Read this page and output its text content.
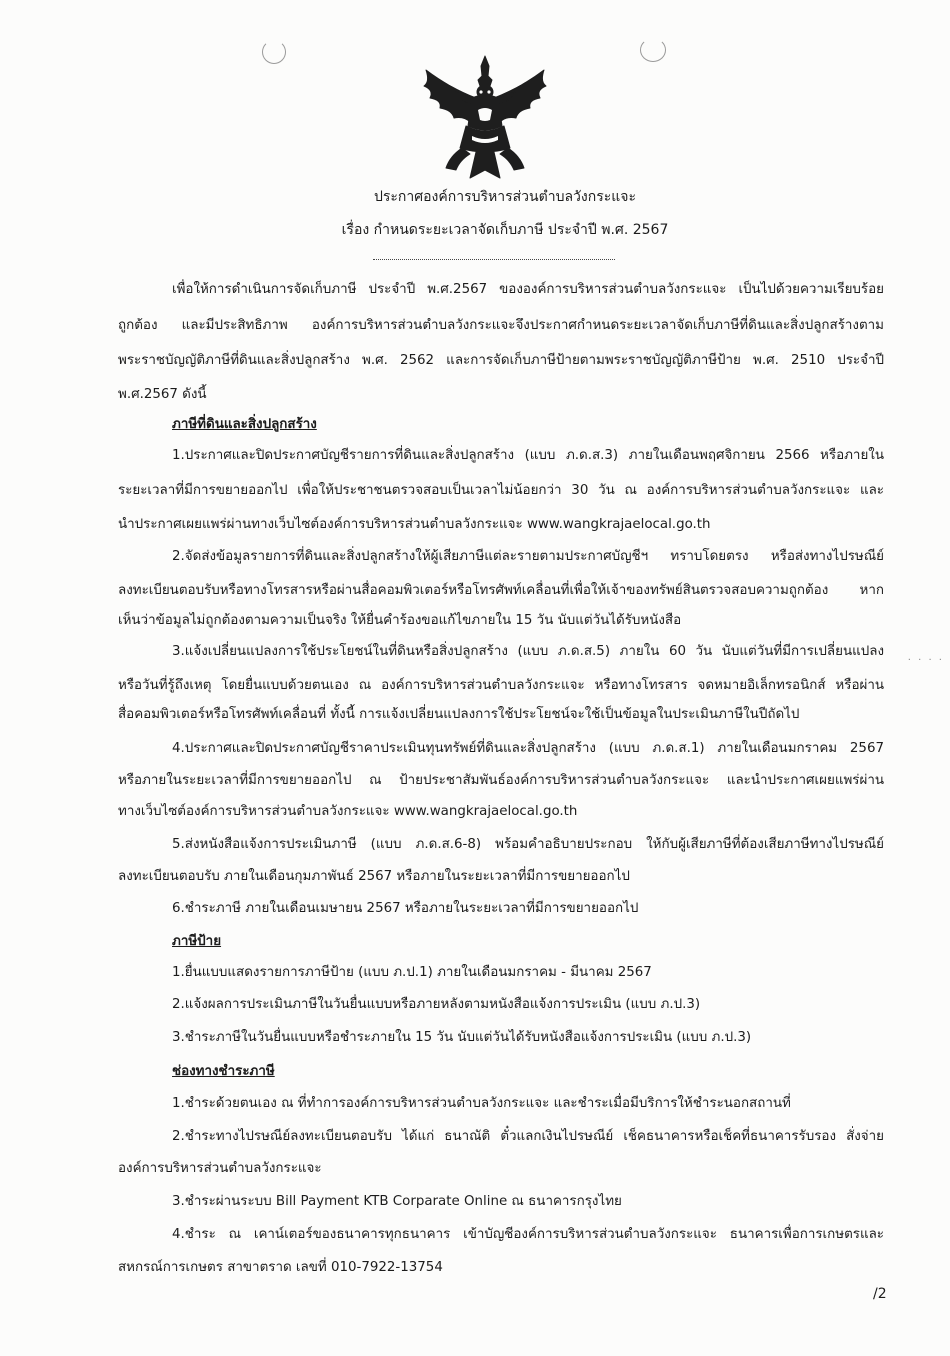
· · · ·
ประกาศองค์การบริหารส่วนตำบลวังกระแจะ
เรื่อง กำหนดระยะเวลาจัดเก็บภาษี ประจำปี พ.ศ. 2567
เพื่อให้การดำเนินการจัดเก็บภาษี ประจำปี พ.ศ.2567 ขององค์การบริหารส่วนตำบลวังกระแจะ เป็นไปด้วยความเรียบร้อย
ถูกต้อง และมีประสิทธิภาพ องค์การบริหารส่วนตำบลวังกระแจะจึงประกาศกำหนดระยะเวลาจัดเก็บภาษีที่ดินและสิ่งปลูกสร้างตาม
พระราชบัญญัติภาษีที่ดินและสิ่งปลูกสร้าง พ.ศ. 2562 และการจัดเก็บภาษีป้ายตามพระราชบัญญัติภาษีป้าย พ.ศ. 2510 ประจำปี
พ.ศ.2567 ดังนี้
ภาษีที่ดินและสิ่งปลูกสร้าง
1.ประกาศและปิดประกาศบัญชีรายการที่ดินและสิ่งปลูกสร้าง (แบบ ภ.ด.ส.3) ภายในเดือนพฤศจิกายน 2566 หรือภายใน
ระยะเวลาที่มีการขยายออกไป เพื่อให้ประชาชนตรวจสอบเป็นเวลาไม่น้อยกว่า 30 วัน ณ องค์การบริหารส่วนตำบลวังกระแจะ และ
นำประกาศเผยแพร่ผ่านทางเว็บไซต์องค์การบริหารส่วนตำบลวังกระแจะ www.wangkrajaelocal.go.th
2.จัดส่งข้อมูลรายการที่ดินและสิ่งปลูกสร้างให้ผู้เสียภาษีแต่ละรายตามประกาศบัญชีฯ ทราบโดยตรง หรือส่งทางไปรษณีย์
ลงทะเบียนตอบรับหรือทางโทรสารหรือผ่านสื่อคอมพิวเตอร์หรือโทรศัพท์เคลื่อนที่เพื่อให้เจ้าของทรัพย์สินตรวจสอบความถูกต้อง หาก
เห็นว่าข้อมูลไม่ถูกต้องตามความเป็นจริง ให้ยื่นคำร้องขอแก้ไขภายใน 15 วัน นับแต่วันได้รับหนังสือ
3.แจ้งเปลี่ยนแปลงการใช้ประโยชน์ในที่ดินหรือสิ่งปลูกสร้าง (แบบ ภ.ด.ส.5) ภายใน 60 วัน นับแต่วันที่มีการเปลี่ยนแปลง
หรือวันที่รู้ถึงเหตุ โดยยื่นแบบด้วยตนเอง ณ องค์การบริหารส่วนตำบลวังกระแจะ หรือทางโทรสาร จดหมายอิเล็กทรอนิกส์ หรือผ่าน
สื่อคอมพิวเตอร์หรือโทรศัพท์เคลื่อนที่ ทั้งนี้ การแจ้งเปลี่ยนแปลงการใช้ประโยชน์จะใช้เป็นข้อมูลในประเมินภาษีในปีถัดไป
4.ประกาศและปิดประกาศบัญชีราคาประเมินทุนทรัพย์ที่ดินและสิ่งปลูกสร้าง (แบบ ภ.ด.ส.1) ภายในเดือนมกราคม 2567
หรือภายในระยะเวลาที่มีการขยายออกไป ณ ป้ายประชาสัมพันธ์องค์การบริหารส่วนตำบลวังกระแจะ และนำประกาศเผยแพร่ผ่าน
ทางเว็บไซต์องค์การบริหารส่วนตำบลวังกระแจะ www.wangkrajaelocal.go.th
5.ส่งหนังสือแจ้งการประเมินภาษี (แบบ ภ.ด.ส.6-8) พร้อมคำอธิบายประกอบ ให้กับผู้เสียภาษีที่ต้องเสียภาษีทางไปรษณีย์
ลงทะเบียนตอบรับ ภายในเดือนกุมภาพันธ์ 2567 หรือภายในระยะเวลาที่มีการขยายออกไป
6.ชำระภาษี ภายในเดือนเมษายน 2567 หรือภายในระยะเวลาที่มีการขยายออกไป
ภาษีป้าย
1.ยื่นแบบแสดงรายการภาษีป้าย (แบบ ภ.ป.1) ภายในเดือนมกราคม - มีนาคม 2567
2.แจ้งผลการประเมินภาษีในวันยื่นแบบหรือภายหลังตามหนังสือแจ้งการประเมิน (แบบ ภ.ป.3)
3.ชำระภาษีในวันยื่นแบบหรือชำระภายใน 15 วัน นับแต่วันได้รับหนังสือแจ้งการประเมิน (แบบ ภ.ป.3)
ช่องทางชำระภาษี
1.ชำระด้วยตนเอง ณ ที่ทำการองค์การบริหารส่วนตำบลวังกระแจะ และชำระเมื่อมีบริการให้ชำระนอกสถานที่
2.ชำระทางไปรษณีย์ลงทะเบียนตอบรับ ได้แก่ ธนาณัติ ตั๋วแลกเงินไปรษณีย์ เช็คธนาคารหรือเช็คที่ธนาคารรับรอง สั่งจ่าย
องค์การบริหารส่วนตำบลวังกระแจะ
3.ชำระผ่านระบบ Bill Payment KTB Corparate Online ณ ธนาคารกรุงไทย
4.ชำระ ณ เคาน์เตอร์ของธนาคารทุกธนาคาร เข้าบัญชีองค์การบริหารส่วนตำบลวังกระแจะ ธนาคารเพื่อการเกษตรและ
สหกรณ์การเกษตร สาขาตราด เลขที่ 010-7922-13754
/2
